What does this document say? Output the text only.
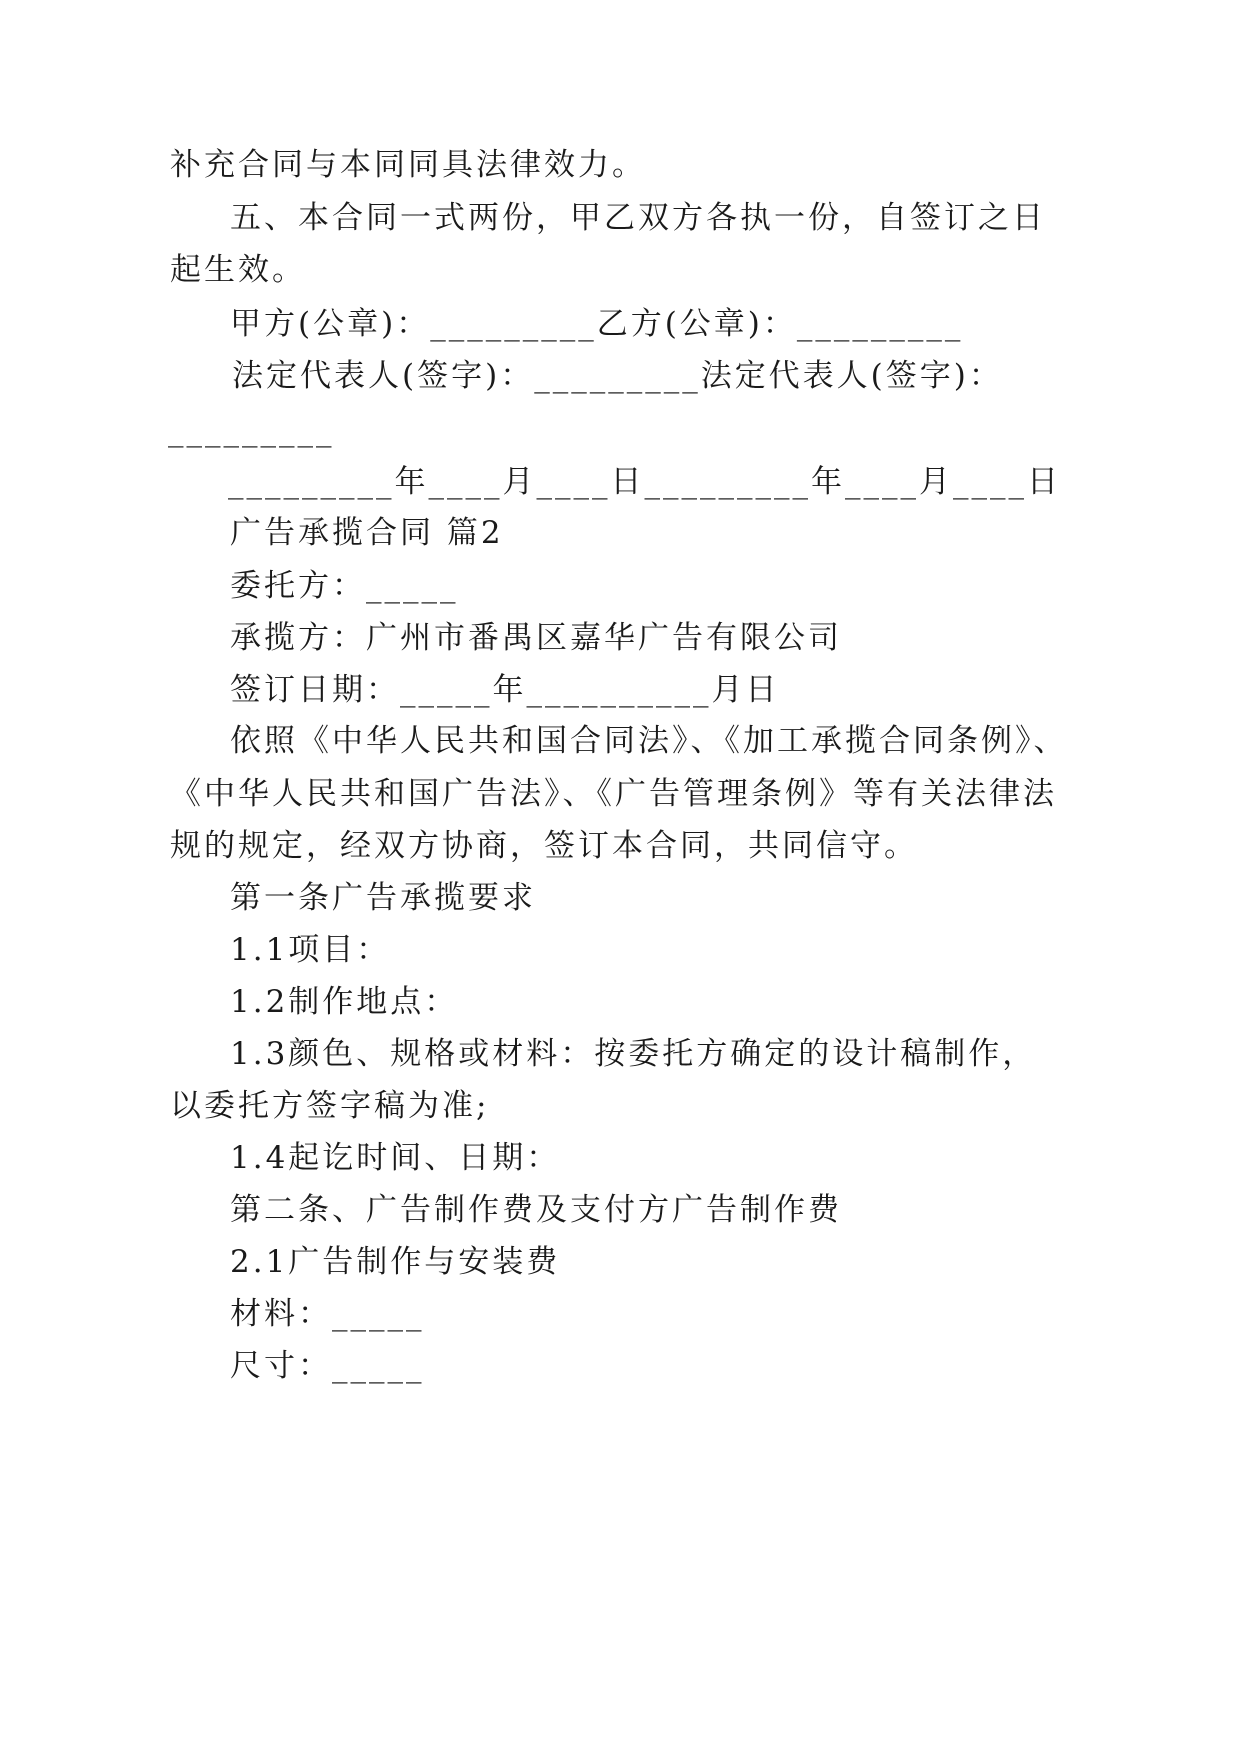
补充合同与本同同具法律效力。
五、本合同一式两份，甲乙双方各执一份，自签订之日
起生效。
甲方(公章)：_________乙方(公章)：_________
法定代表人(签字)：_________法定代表人(签字)：
_________
_________年____月____日_________年____月____日
广告承揽合同 篇2
委托方：_____
承揽方：广州市番禺区嘉华广告有限公司
签订日期：_____年__________月日
依照《中华人民共和国合同法》、《加工承揽合同条例》、
《中华人民共和国广告法》、《广告管理条例》等有关法律法
规的规定，经双方协商，签订本合同，共同信守。
第一条广告承揽要求
1.1项目：
1.2制作地点：
1.3颜色、规格或材料：按委托方确定的设计稿制作，
以委托方签字稿为准;
1.4起讫时间、日期：
第二条、广告制作费及支付方广告制作费
2.1广告制作与安装费
材料：_____
尺寸：_____
